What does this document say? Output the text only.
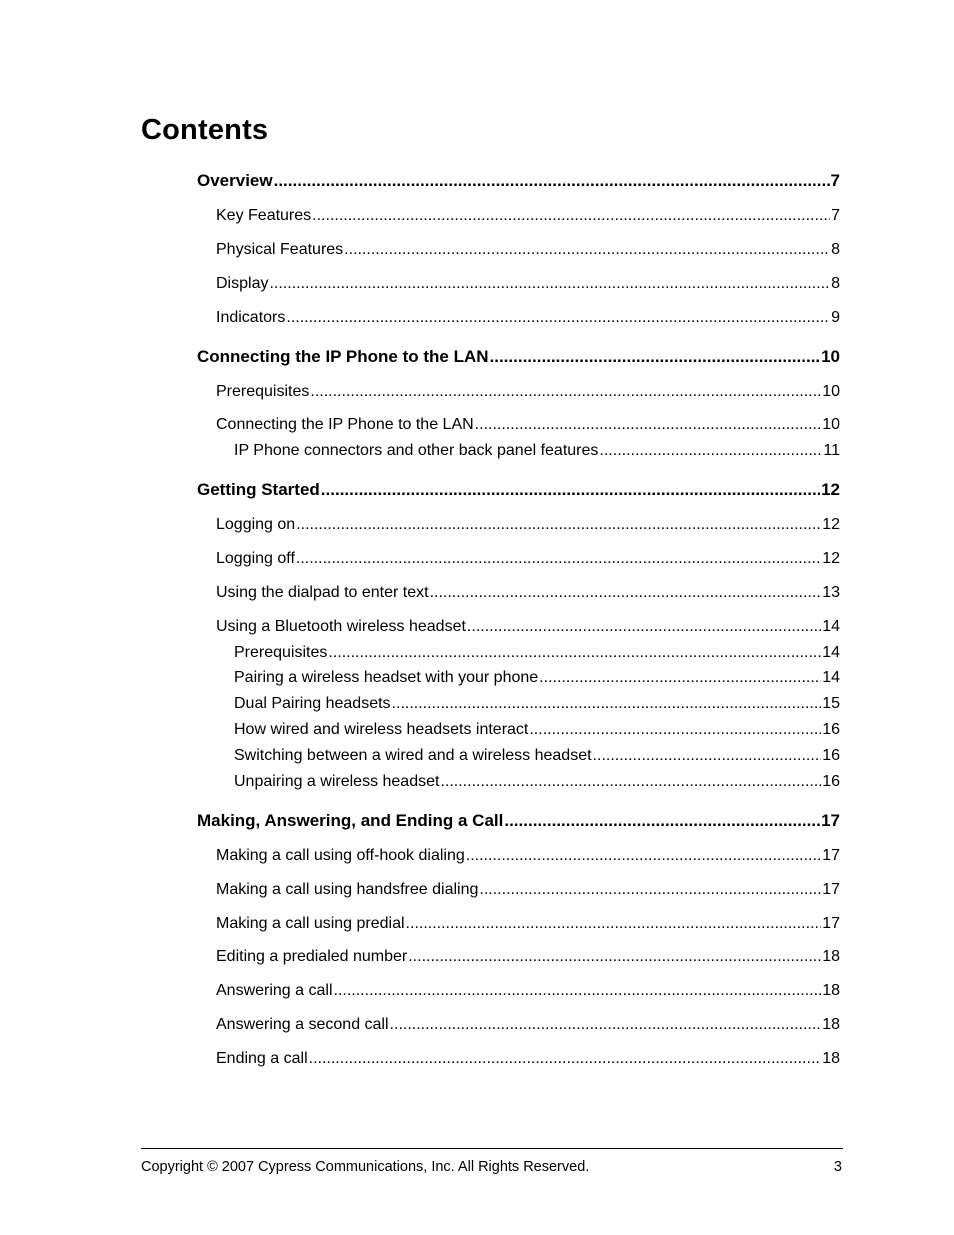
Contents
Overview .....	7
Key Features .....	7
Physical Features .....	8
Display .....	8
Indicators .....	9
Connecting the IP Phone to the LAN .....	10
Prerequisites .....	10
Connecting the IP Phone to the LAN .....	10
IP Phone connectors and other back panel features .....	11
Getting Started .....	12
Logging on .....	12
Logging off .....	12
Using the dialpad to enter text .....	13
Using a Bluetooth wireless headset .....	14
Prerequisites .....	14
Pairing a wireless headset with your phone .....	14
Dual Pairing headsets .....	15
How wired and wireless headsets interact .....	16
Switching between a wired and a wireless headset .....	16
Unpairing a wireless headset .....	16
Making, Answering, and Ending a Call .....	17
Making a call using off-hook dialing .....	17
Making a call using handsfree dialing .....	17
Making a call using predial .....	17
Editing a predialed number .....	18
Answering a call .....	18
Answering a second call .....	18
Ending a call .....	18
Copyright © 2007 Cypress Communications, Inc. All Rights Reserved.	3
